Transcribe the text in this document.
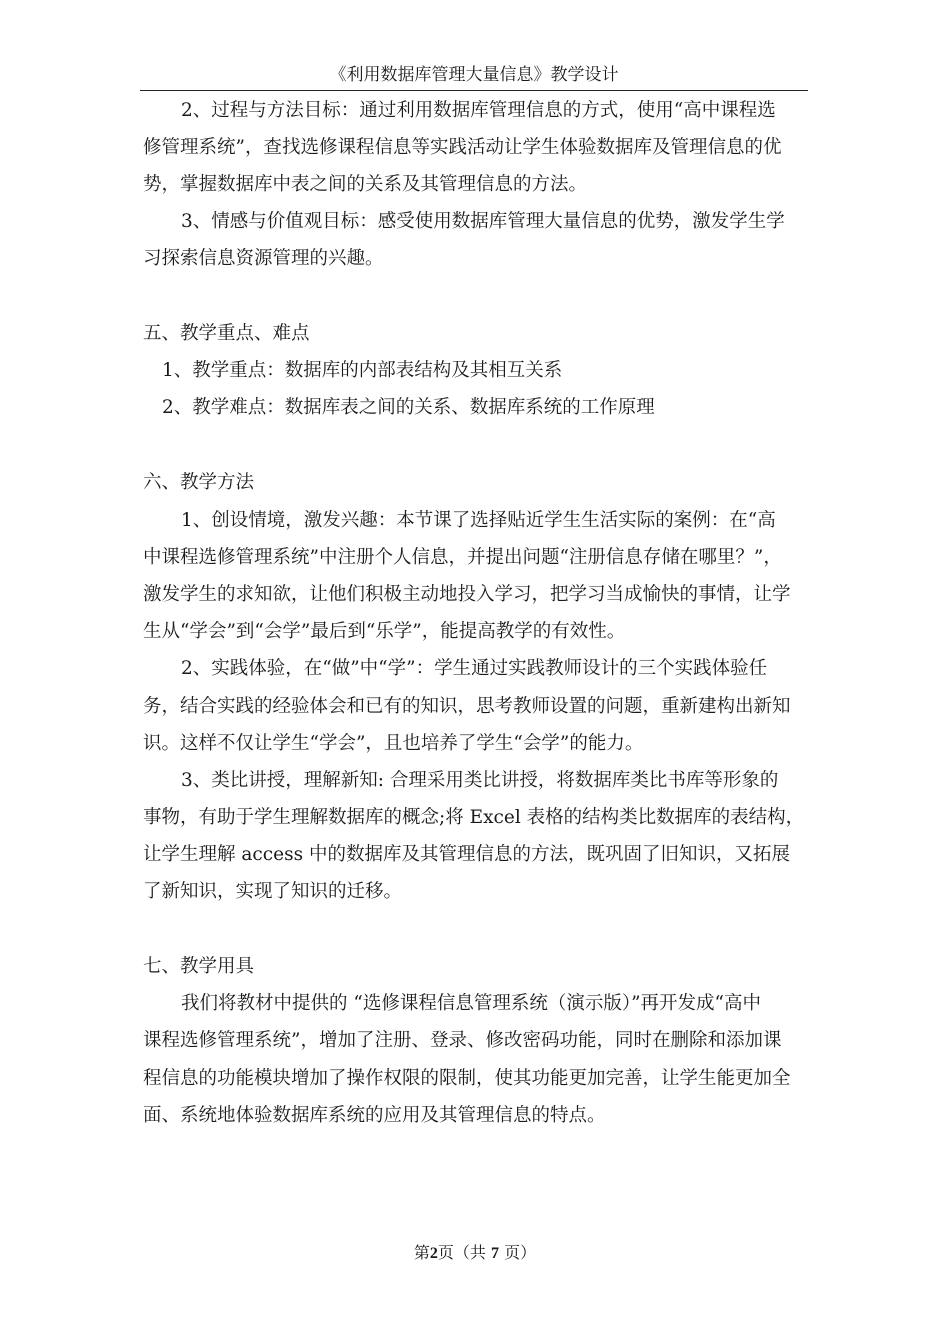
《利用数据库管理大量信息》教学设计
2、过程与方法目标：通过利用数据库管理信息的方式，使用“高中课程选
修管理系统”，查找选修课程信息等实践活动让学生体验数据库及管理信息的优
势，掌握数据库中表之间的关系及其管理信息的方法。
3、情感与价值观目标：感受使用数据库管理大量信息的优势，激发学生学
习探索信息资源管理的兴趣。
五、教学重点、难点
1、教学重点：数据库的内部表结构及其相互关系
2、教学难点：数据库表之间的关系、数据库系统的工作原理
六、教学方法
1、创设情境，激发兴趣：本节课了选择贴近学生生活实际的案例：在“高
中课程选修管理系统”中注册个人信息，并提出问题“注册信息存储在哪里？”，
激发学生的求知欲，让他们积极主动地投入学习，把学习当成愉快的事情，让学
生从“学会”到“会学”最后到“乐学”，能提高教学的有效性。
2、实践体验，在“做”中“学”：学生通过实践教师设计的三个实践体验任
务，结合实践的经验体会和已有的知识，思考教师设置的问题，重新建构出新知
识。这样不仅让学生“学会”，且也培养了学生“会学”的能力。
3、类比讲授，理解新知: 合理采用类比讲授，将数据库类比书库等形象的
事物，有助于学生理解数据库的概念;将 Excel 表格的结构类比数据库的表结构，
让学生理解 access 中的数据库及其管理信息的方法，既巩固了旧知识，又拓展
了新知识，实现了知识的迁移。
七、教学用具
我们将教材中提供的 “选修课程信息管理系统（演示版）”再开发成“高中
课程选修管理系统”，增加了注册、登录、修改密码功能，同时在删除和添加课
程信息的功能模块增加了操作权限的限制，使其功能更加完善，让学生能更加全
面、系统地体验数据库系统的应用及其管理信息的特点。
第2页（共 7 页）
